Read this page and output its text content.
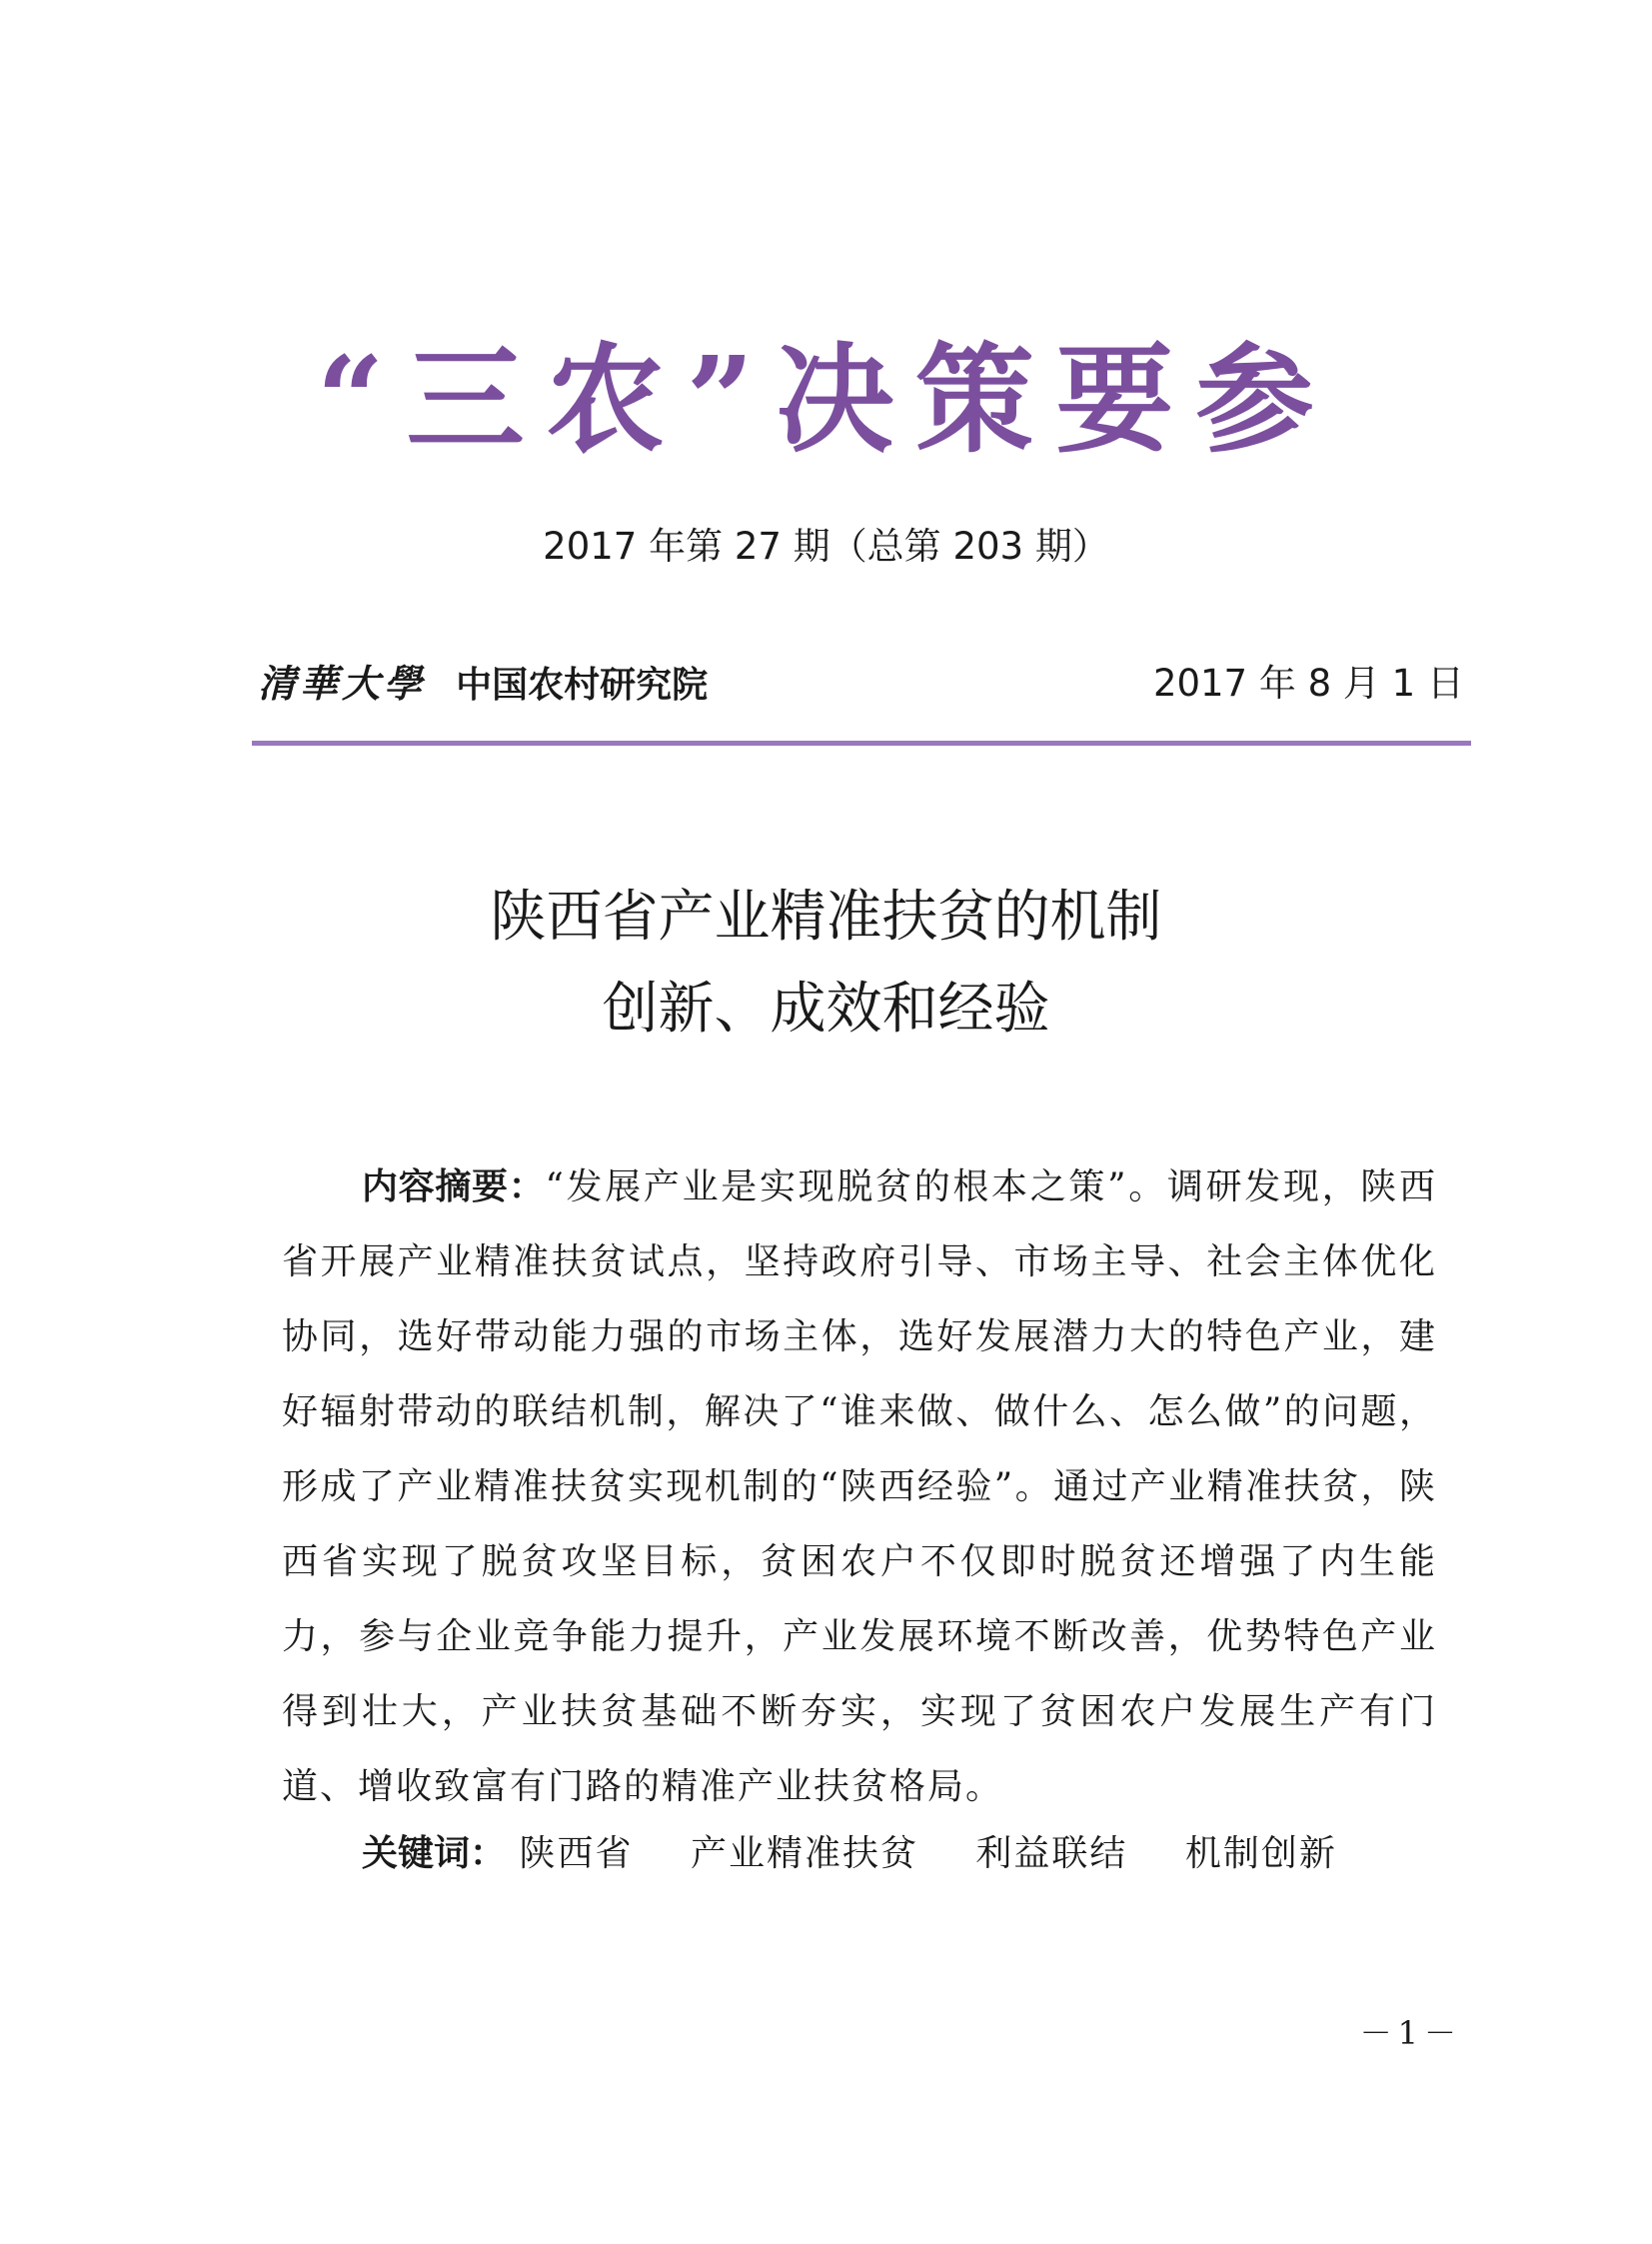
“三农”决策要参
2017 年第 27 期（总第 203 期）
清華大學 中国农村研究院	2017 年 8 月 1 日
陕西省产业精准扶贫的机制
创新、成效和经验

内容摘要：“发展产业是实现脱贫的根本之策”。调研发现，陕西省开展产业精准扶贫试点，坚持政府引导、市场主导、社会主体优化协同，选好带动能力强的市场主体，选好发展潜力大的特色产业，建好辐射带动的联结机制，解决了“谁来做、做什么、怎么做”的问题，形成了产业精准扶贫实现机制的“陕西经验”。通过产业精准扶贫，陕西省实现了脱贫攻坚目标，贫困农户不仅即时脱贫还增强了内生能力，参与企业竞争能力提升，产业发展环境不断改善，优势特色产业得到壮大，产业扶贫基础不断夯实，实现了贫困农户发展生产有门道、增收致富有门路的精准产业扶贫格局。

关键词： 陕西省 产业精准扶贫 利益联结 机制创新
－1－
